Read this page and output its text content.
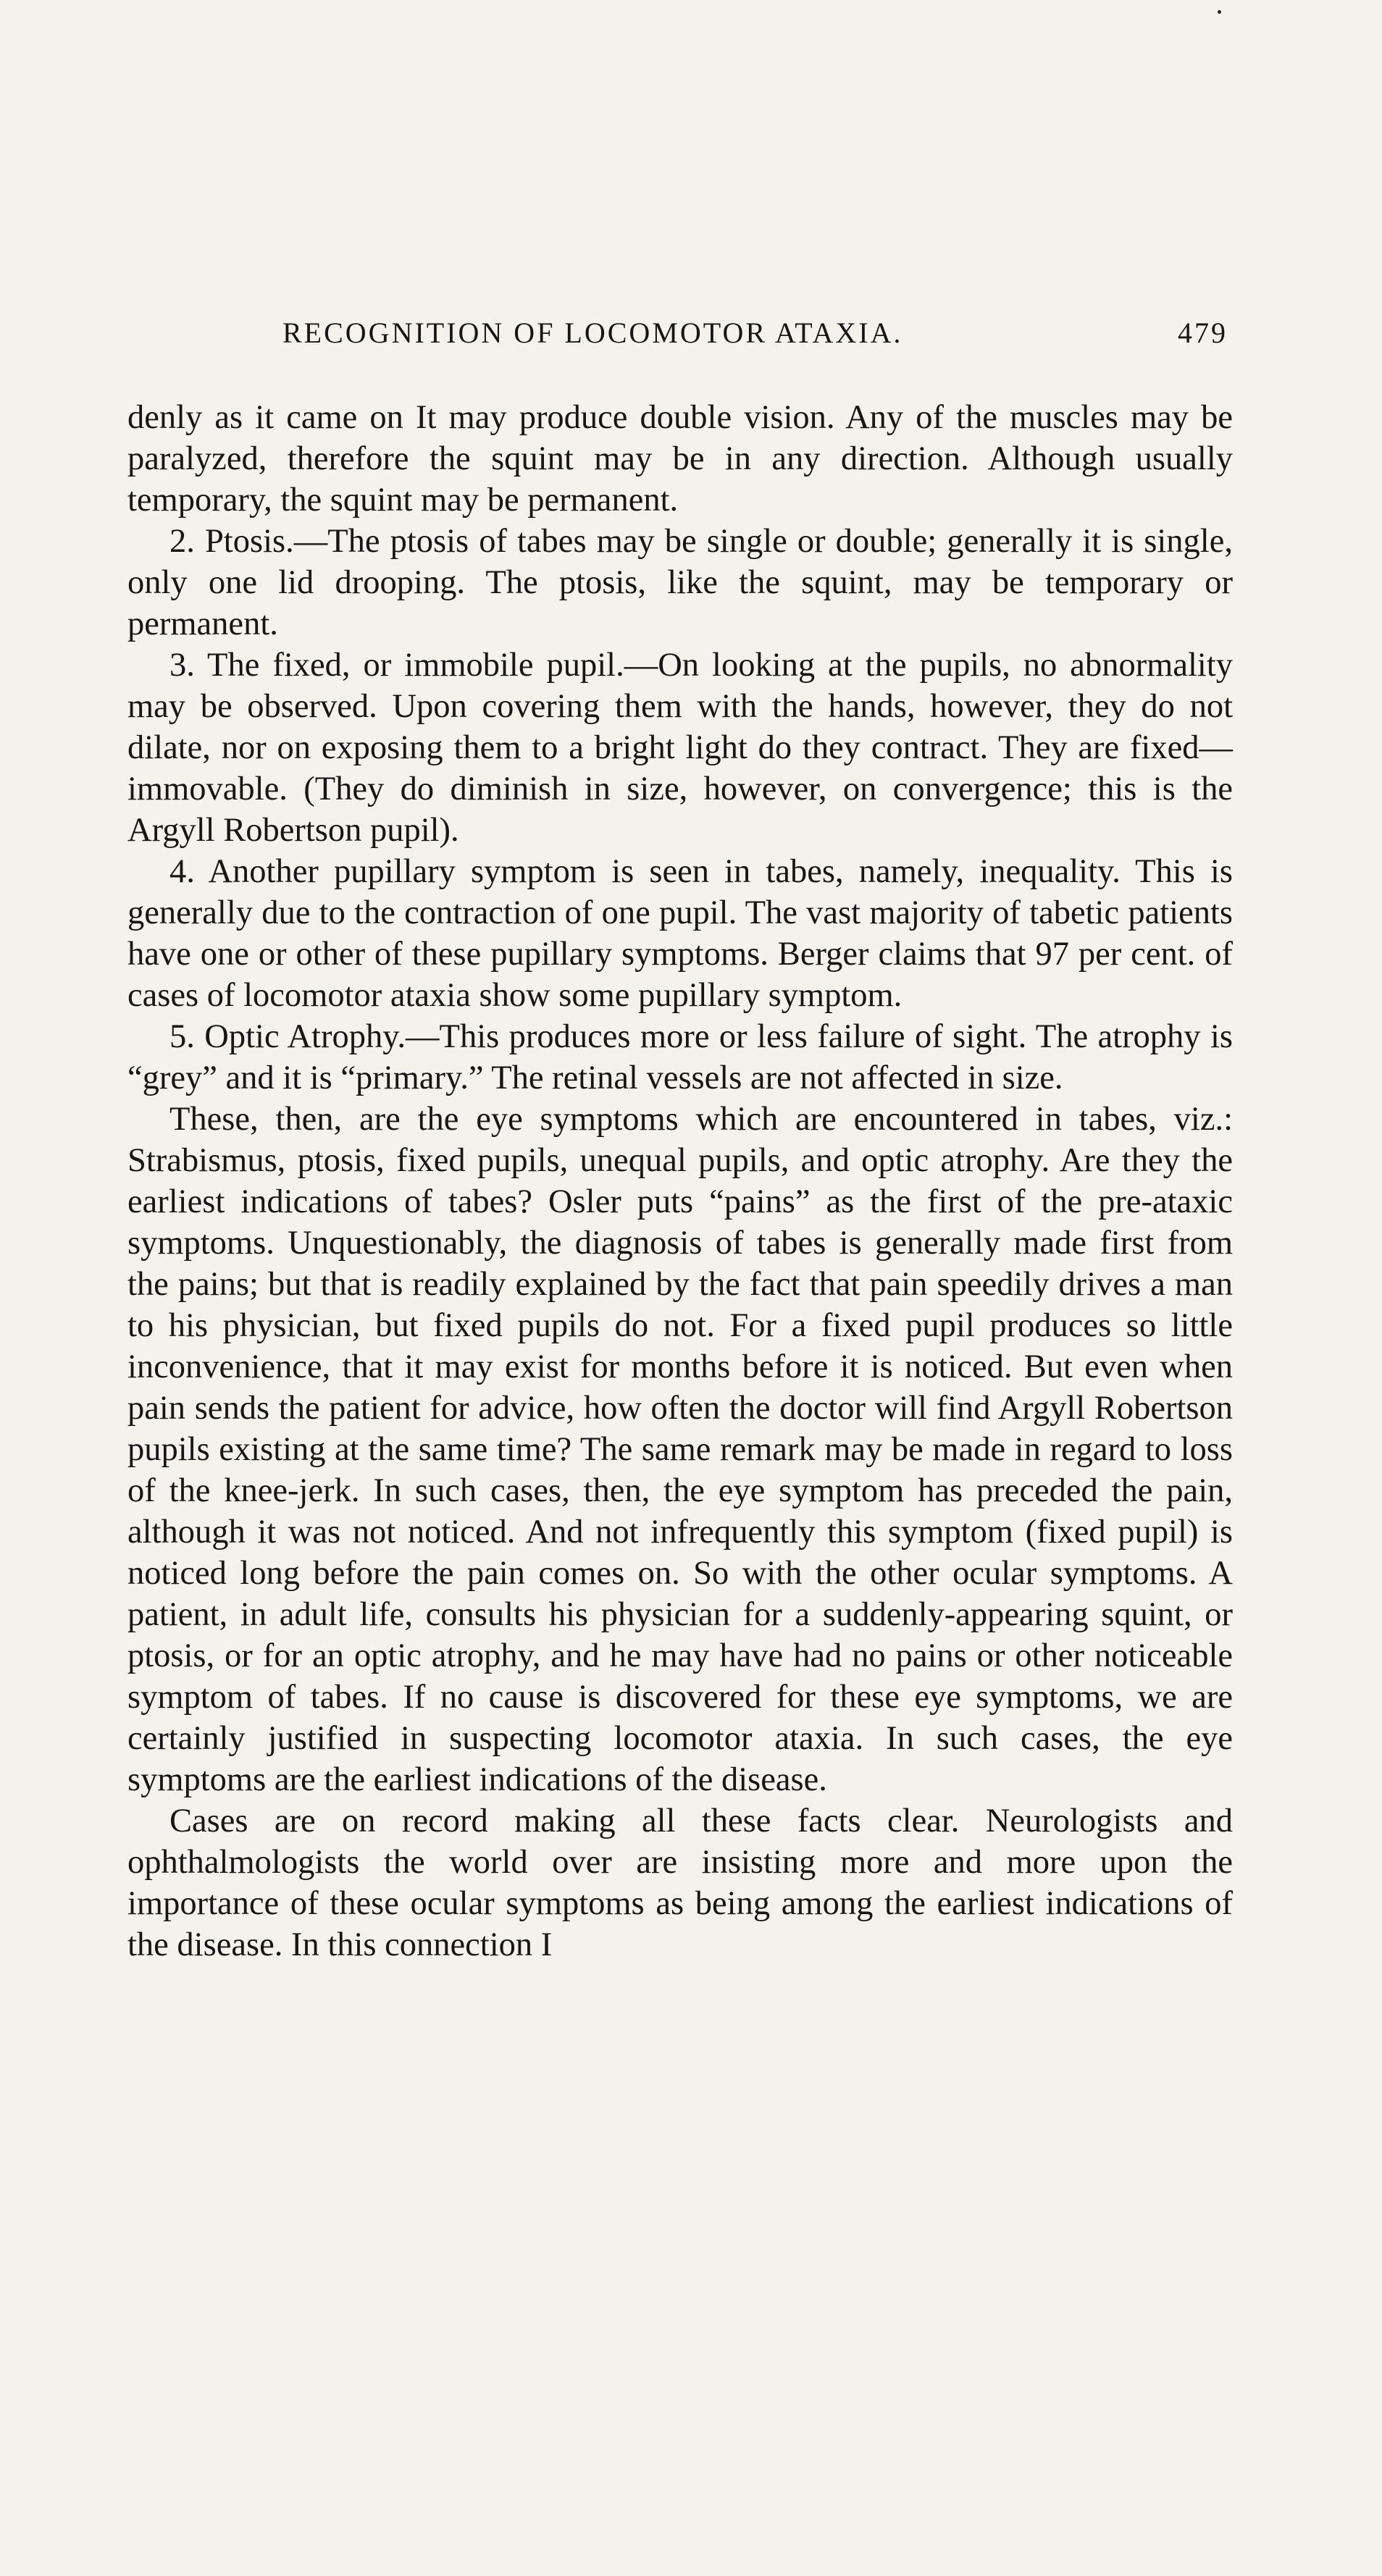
RECOGNITION OF LOCOMOTOR ATAXIA.	479

denly as it came on It may produce double vision. Any of the muscles may be paralyzed, therefore the squint may be in any direction. Although usually temporary, the squint may be permanent.

2. Ptosis.—The ptosis of tabes may be single or double; generally it is single, only one lid drooping. The ptosis, like the squint, may be temporary or permanent.

3. The fixed, or immobile pupil.—On looking at the pupils, no abnormality may be observed. Upon covering them with the hands, however, they do not dilate, nor on exposing them to a bright light do they contract. They are fixed—immovable. (They do diminish in size, however, on convergence; this is the Argyll Robertson pupil).

4. Another pupillary symptom is seen in tabes, namely, inequality. This is generally due to the contraction of one pupil. The vast majority of tabetic patients have one or other of these pupillary symptoms. Berger claims that 97 per cent. of cases of locomotor ataxia show some pupillary symptom.

5. Optic Atrophy.—This produces more or less failure of sight. The atrophy is “grey” and it is “primary.” The retinal vessels are not affected in size.

These, then, are the eye symptoms which are encountered in tabes, viz.: Strabismus, ptosis, fixed pupils, unequal pupils, and optic atrophy. Are they the earliest indications of tabes? Osler puts “pains” as the first of the pre-ataxic symptoms. Unquestionably, the diagnosis of tabes is generally made first from the pains; but that is readily explained by the fact that pain speedily drives a man to his physician, but fixed pupils do not. For a fixed pupil produces so little inconvenience, that it may exist for months before it is noticed. But even when pain sends the patient for advice, how often the doctor will find Argyll Robertson pupils existing at the same time? The same remark may be made in regard to loss of the knee-jerk. In such cases, then, the eye symptom has preceded the pain, although it was not noticed. And not infrequently this symptom (fixed pupil) is noticed long before the pain comes on. So with the other ocular symptoms. A patient, in adult life, consults his physician for a suddenly-appearing squint, or ptosis, or for an optic atrophy, and he may have had no pains or other noticeable symptom of tabes. If no cause is discovered for these eye symptoms, we are certainly justified in suspecting locomotor ataxia. In such cases, the eye symptoms are the earliest indications of the disease.

Cases are on record making all these facts clear. Neurologists and ophthalmologists the world over are insisting more and more upon the importance of these ocular symptoms as being among the earliest indications of the disease. In this connection I
